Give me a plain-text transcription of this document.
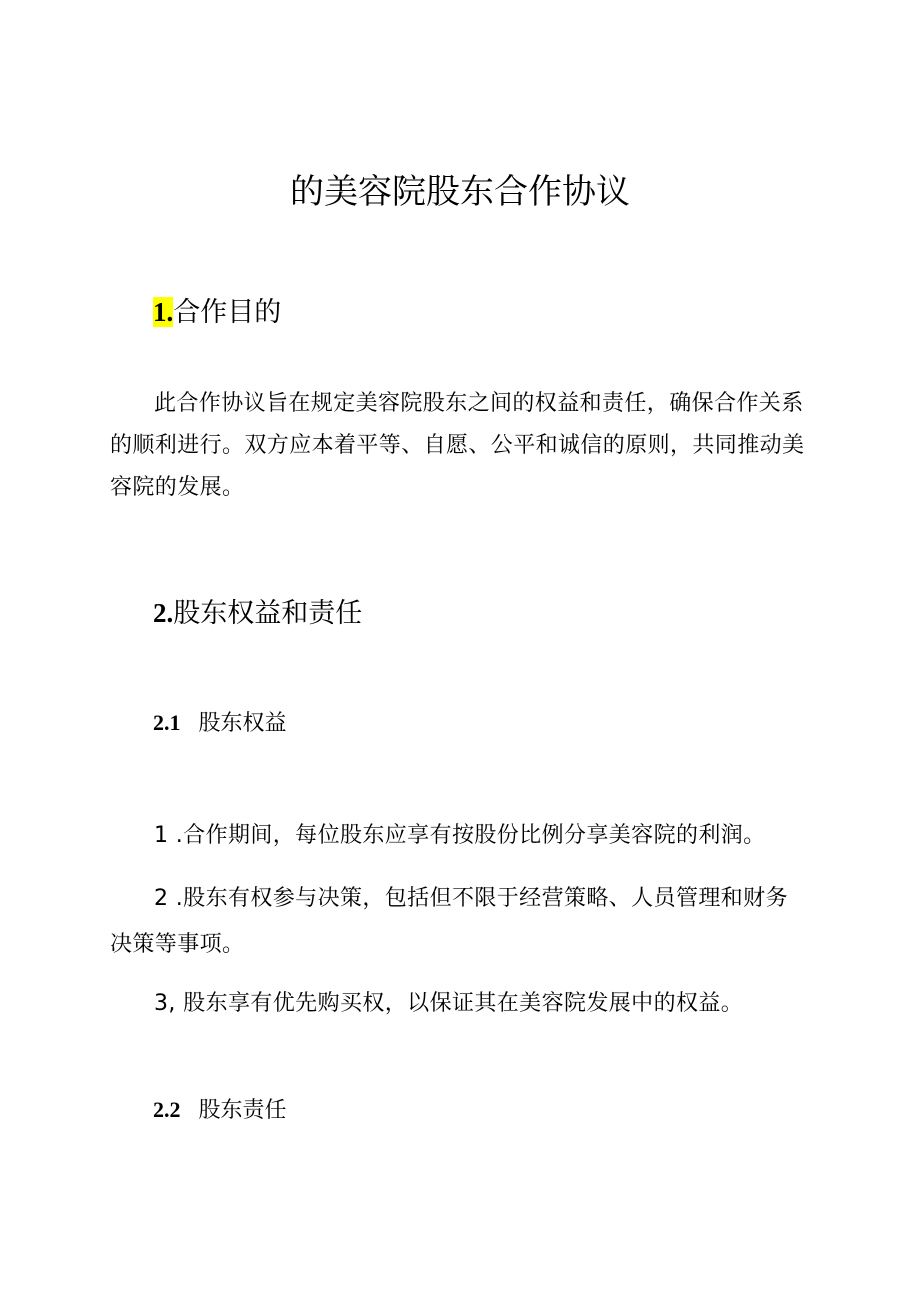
的美容院股东合作协议
1.合作目的

此合作协议旨在规定美容院股东之间的权益和责任，确保合作关系的顺利进行。双方应本着平等、自愿、公平和诚信的原则，共同推动美容院的发展。

2.股东权益和责任
2.1 股东权益

1 .合作期间，每位股东应享有按股份比例分享美容院的利润。

2 .股东有权参与决策，包括但不限于经营策略、人员管理和财务决策等事项。

3, 股东享有优先购买权，以保证其在美容院发展中的权益。

2.2 股东责任
